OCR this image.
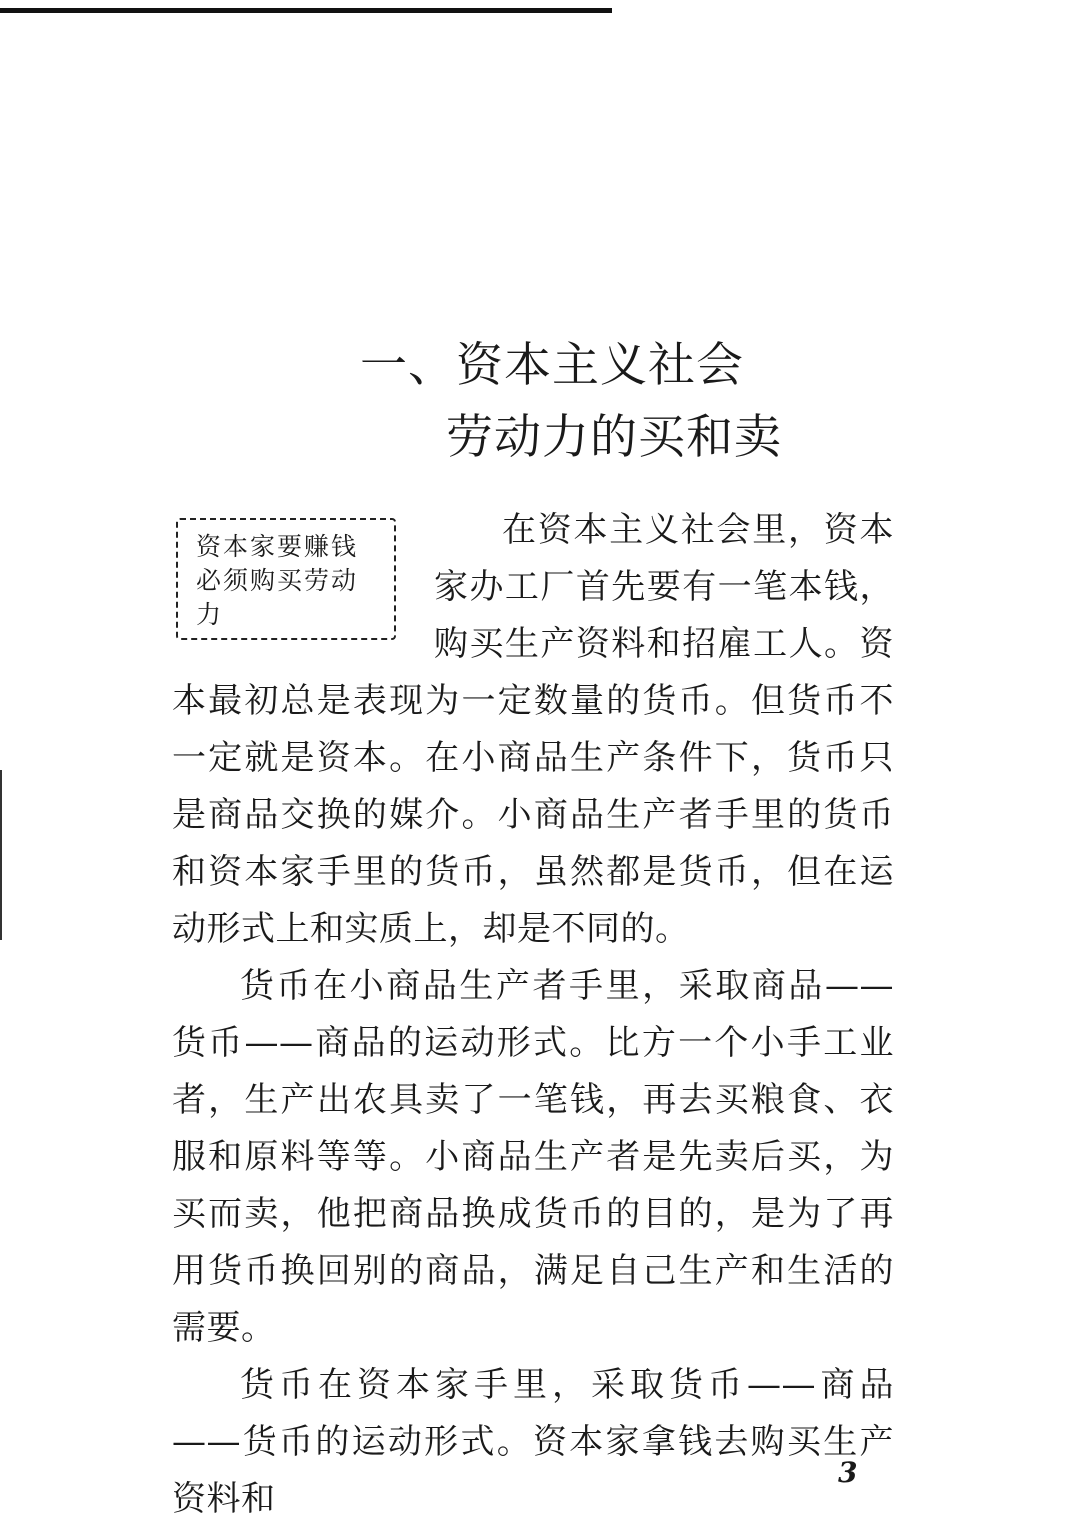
一、资本主义社会
劳动力的买和卖
资本家要赚钱必须购买劳动力

在资本主义社会里，资本家办工厂首先要有一笔本钱，购买生产资料和招雇工人。资本最初总是表现为一定数量的货币。但货币不一定就是资本。在小商品生产条件下，货币只是商品交换的媒介。小商品生产者手里的货币和资本家手里的货币，虽然都是货币，但在运动形式上和实质上，却是不同的。

货币在小商品生产者手里，采取商品——货币——商品的运动形式。比方一个小手工业者，生产出农具卖了一笔钱，再去买粮食、衣服和原料等等。小商品生产者是先卖后买，为买而卖，他把商品换成货币的目的，是为了再用货币换回别的商品，满足自己生产和生活的需要。

货币在资本家手里，采取货币——商品——货币的运动形式。资本家拿钱去购买生产资料和

3
